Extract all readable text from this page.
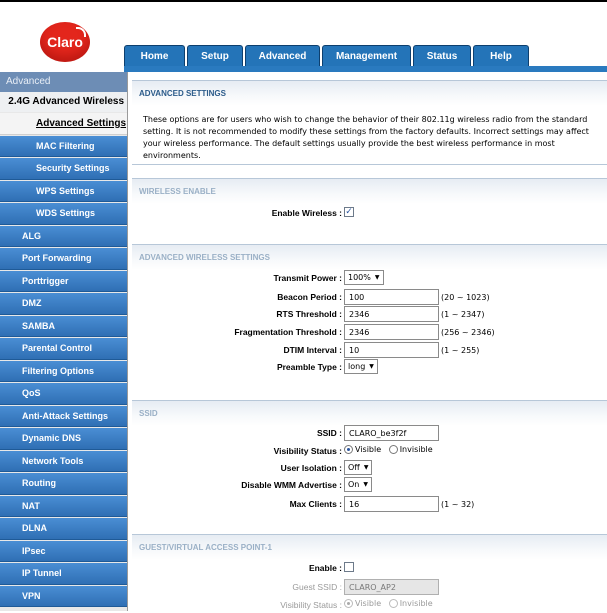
Claro
Home	Setup	Advanced	Management	Status	Help
Advanced
2.4G Advanced Wireless
Advanced Settings
MAC Filtering
Security Settings
WPS Settings
WDS Settings
ALG
Port Forwarding
Porttrigger
DMZ
SAMBA
Parental Control
Filtering Options
QoS
Anti-Attack Settings
Dynamic DNS
Network Tools
Routing
NAT
DLNA
IPsec
IP Tunnel
VPN
ADVANCED SETTINGS
These options are for users who wish to change the behavior of their 802.11g wireless radio from the standard setting. It is not recommended to modify these settings from the factory defaults. Incorrect settings may affect your wireless performance. The default settings usually provide the best wireless performance in most environments.
WIRELESS ENABLE
Enable Wireless : ✓
ADVANCED WIRELESS SETTINGS
Transmit Power : 100% ▼
Beacon Period : 100	(20 ~ 1023)
RTS Threshold : 2346	(1 ~ 2347)
Fragmentation Threshold : 2346	(256 ~ 2346)
DTIM Interval : 10	(1 ~ 255)
Preamble Type : long ▼
SSID
SSID : CLARO_be3f2f
Visibility Status :	Visible Invisible
User Isolation : Off ▼
Disable WMM Advertise : On ▼
Max Clients : 16	(1 ~ 32)
GUEST/VIRTUAL ACCESS POINT-1
Enable :
Guest SSID : CLARO_AP2
Visibility Status :	Visible Invisible
